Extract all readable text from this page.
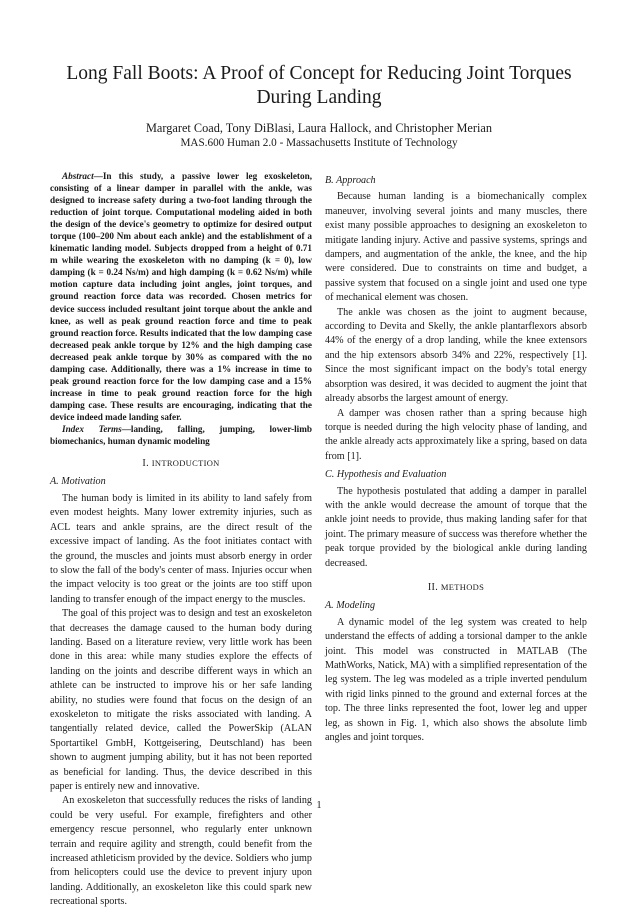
Long Fall Boots: A Proof of Concept for Reducing Joint Torques During Landing
Margaret Coad, Tony DiBlasi, Laura Hallock, and Christopher Merian
MAS.600 Human 2.0 - Massachusetts Institute of Technology

Abstract—In this study, a passive lower leg exoskeleton, consisting of a linear damper in parallel with the ankle, was designed to increase safety during a two-foot landing through the reduction of joint torque. Computational modeling aided in both the design of the device's geometry to optimize for desired output torque (100–200 Nm about each ankle) and the establishment of a kinematic landing model. Subjects dropped from a height of 0.71 m while wearing the exoskeleton with no damping (k = 0), low damping (k = 0.24 Ns/m) and high damping (k = 0.62 Ns/m) while motion capture data including joint angles, joint torques, and ground reaction force data was recorded. Chosen metrics for device success included resultant joint torque about the ankle and knee, as well as peak ground reaction force and time to peak ground reaction force. Results indicated that the low damping case decreased peak ankle torque by 12% and the high damping case decreased peak ankle torque by 30% as compared with the no damping case. Additionally, there was a 1% increase in time to peak ground reaction force for the low damping case and a 15% increase in time to peak ground reaction force for the high damping case. These results are encouraging, indicating that the device indeed made landing safer.

Index Terms—landing, falling, jumping, lower-limb biomechanics, human dynamic modeling

I. INTRODUCTION
A. Motivation

The human body is limited in its ability to land safely from even modest heights. Many lower extremity injuries, such as ACL tears and ankle sprains, are the direct result of the excessive impact of landing. As the foot initiates contact with the ground, the muscles and joints must absorb energy in order to slow the fall of the body's center of mass. Injuries occur when the impact velocity is too great or the joints are too stiff upon landing to transfer enough of the impact energy to the muscles.

The goal of this project was to design and test an exoskeleton that decreases the damage caused to the human body during landing. Based on a literature review, very little work has been done in this area: while many studies explore the effects of landing on the joints and describe different ways in which an athlete can be instructed to improve his or her safe landing ability, no studies were found that focus on the design of an exoskeleton to mitigate the risks associated with landing. A tangentially related device, called the PowerSkip (ALAN Sportartikel GmbH, Kottgeisering, Deutschland) has been shown to augment jumping ability, but it has not been reported as beneficial for landing. Thus, the device described in this paper is entirely new and innovative.

An exoskeleton that successfully reduces the risks of landing could be very useful. For example, firefighters and other emergency rescue personnel, who regularly enter unknown terrain and require agility and strength, could benefit from the increased athleticism provided by the device. Soldiers who jump from helicopters could use the device to prevent injury upon landing. Additionally, an exoskeleton like this could spark new recreational sports.

B. Approach

Because human landing is a biomechanically complex maneuver, involving several joints and many muscles, there exist many possible approaches to designing an exoskeleton to mitigate landing injury. Active and passive systems, springs and dampers, and augmentation of the ankle, the knee, and the hip were considered. Due to constraints on time and budget, a passive system that focused on a single joint and used one type of mechanical element was chosen.

The ankle was chosen as the joint to augment because, according to Devita and Skelly, the ankle plantarflexors absorb 44% of the energy of a drop landing, while the knee extensors and the hip extensors absorb 34% and 22%, respectively [1]. Since the most significant impact on the body's total energy absorption was desired, it was decided to augment the joint that already absorbs the largest amount of energy.

A damper was chosen rather than a spring because high torque is needed during the high velocity phase of landing, and the ankle already acts approximately like a spring, based on data from [1].

C. Hypothesis and Evaluation

The hypothesis postulated that adding a damper in parallel with the ankle would decrease the amount of torque that the ankle joint needs to provide, thus making landing safer for that joint. The primary measure of success was therefore whether the peak torque provided by the biological ankle during landing decreased.

II. METHODS
A. Modeling

A dynamic model of the leg system was created to help understand the effects of adding a torsional damper to the ankle joint. This model was constructed in MATLAB (The MathWorks, Natick, MA) with a simplified representation of the leg system. The leg was modeled as a triple inverted pendulum with rigid links pinned to the ground and external forces at the top. The three links represented the foot, lower leg and upper leg, as shown in Fig. 1, which also shows the absolute limb angles and joint torques.

1
